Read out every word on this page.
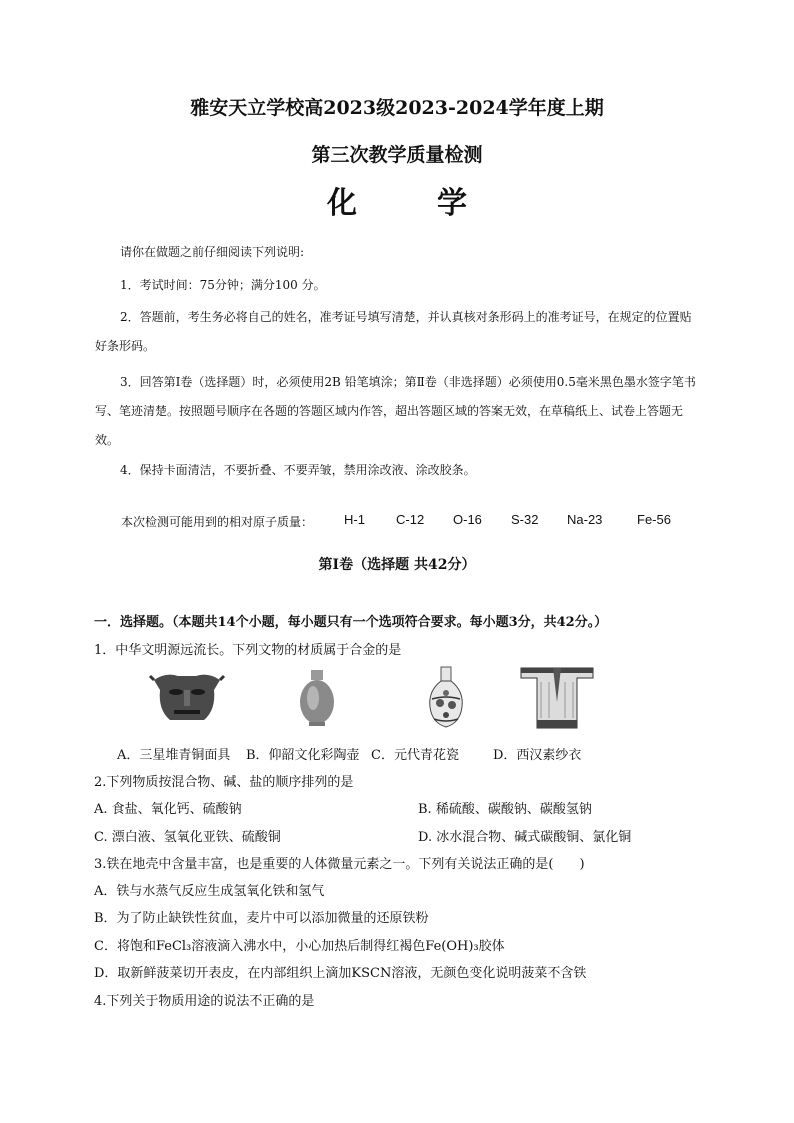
雅安天立学校高2023级2023-2024学年度上期
第三次教学质量检测
化学
请你在做题之前仔细阅读下列说明:
1．考试时间：75分钟；满分100 分。
2．答题前，考生务必将自己的姓名，准考证号填写清楚，并认真核对条形码上的准考证号，在规定的位置贴好条形码。
3．回答第Ⅰ卷（选择题）时，必须使用2B 铅笔填涂；第Ⅱ卷（非选择题）必须使用0.5毫米黑色墨水签字笔书写、笔迹清楚。按照题号顺序在各题的答题区域内作答，超出答题区域的答案无效，在草稿纸上、试卷上答题无效。
4．保持卡面清洁，不要折叠、不要弄皱，禁用涂改液、涂改胶条。
本次检测可能用到的相对原子质量： H-1 C-12 O-16 S-32 Na-23	Fe-56
第Ⅰ卷（选择题 共42分）
一．选择题。（本题共14个小题，每小题只有一个选项符合要求。每小题3分，共42分。）
1．中华文明源远流长。下列文物的材质属于合金的是
A．三星堆青铜面具 B．仰韶文化彩陶壶 C．元代青花瓷	D．西汉素纱衣
2.下列物质按混合物、碱、盐的顺序排列的是
A. 食盐、氧化钙、硫酸钠	B. 稀硫酸、碳酸钠、碳酸氢钠
C. 漂白液、氢氧化亚铁、硫酸铜	D. 冰水混合物、碱式碳酸铜、氯化铜
3.铁在地壳中含量丰富，也是重要的人体微量元素之一。下列有关说法正确的是(　　)
A．铁与水蒸气反应生成氢氧化铁和氢气
B．为了防止缺铁性贫血，麦片中可以添加微量的还原铁粉
C．将饱和FeCl₃溶液滴入沸水中，小心加热后制得红褐色Fe(OH)₃胶体
D．取新鲜菠菜切开表皮，在内部组织上滴加KSCN溶液，无颜色变化说明菠菜不含铁
4.下列关于物质用途的说法不正确的是
